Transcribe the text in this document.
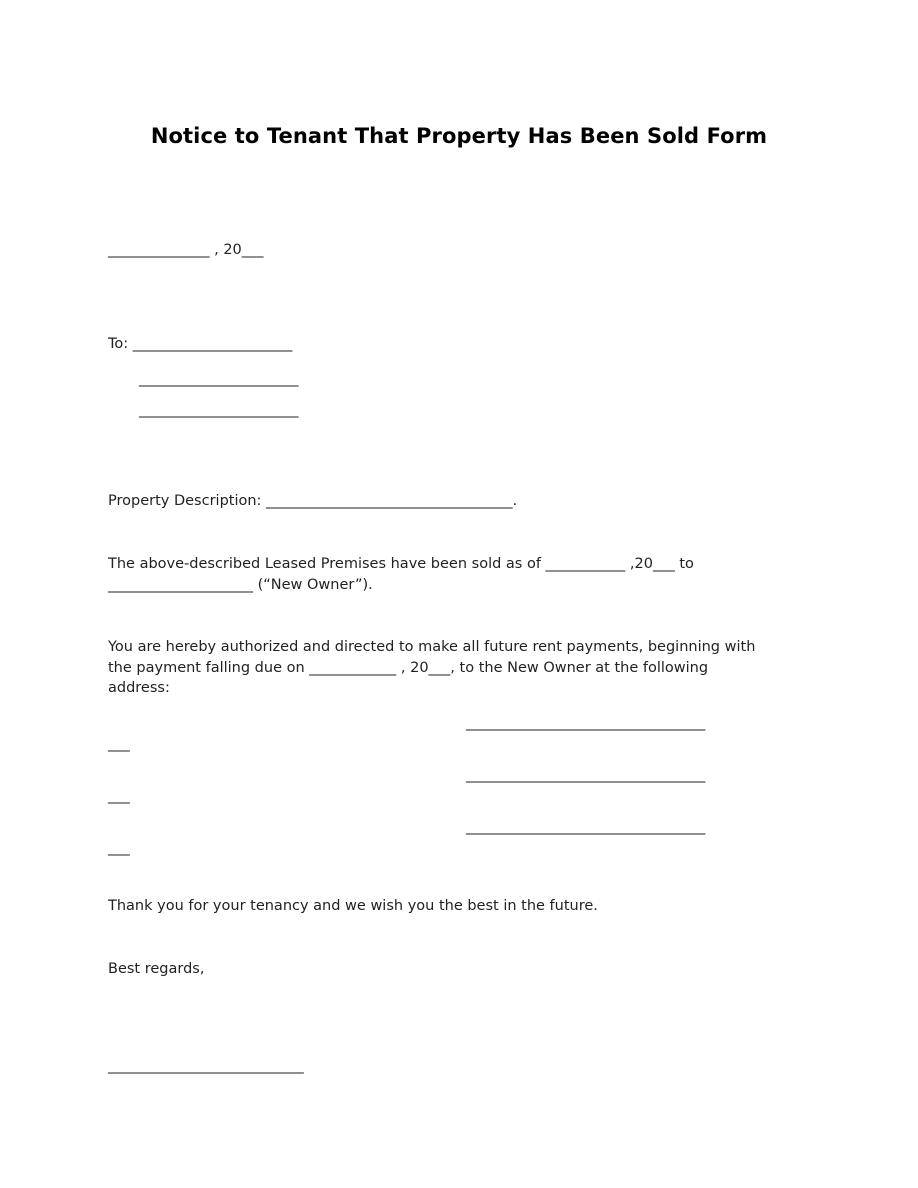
Notice to Tenant That Property Has Been Sold Form
______________ , 20___
To: ______________________
______________________
______________________
Property Description: __________________________________.
The above-described Leased Premises have been sold as of ___________ ,20___ to
____________________ (“New Owner”).
You are hereby authorized and directed to make all future rent payments, beginning with
the payment falling due on ____________ , 20___, to the New Owner at the following
address:
_________________________________
___
_________________________________
___
_________________________________
___
Thank you for your tenancy and we wish you the best in the future.
Best regards,
___________________________
